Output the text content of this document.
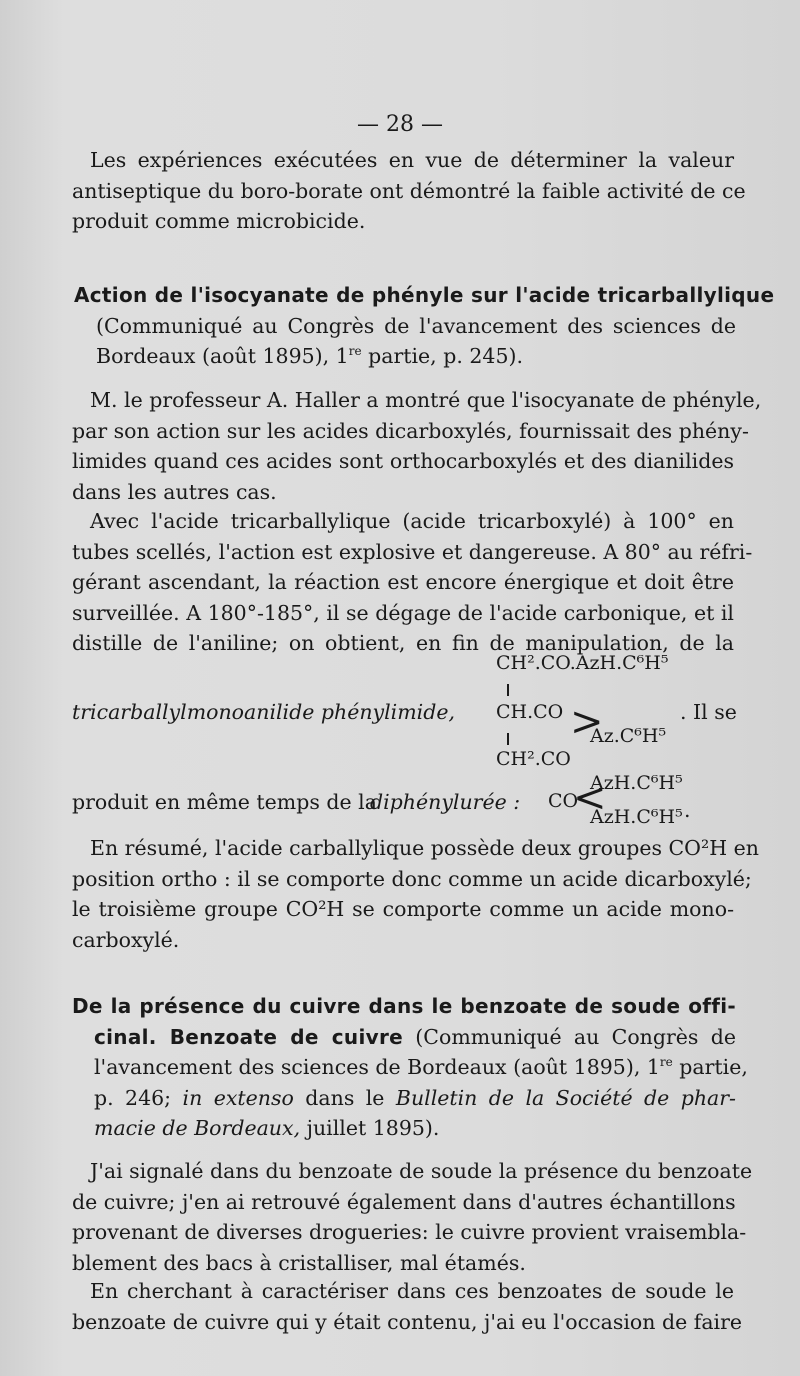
— 28 —
Les expériences exécutées en vue de déterminer la valeur
antiseptique du boro-borate ont démontré la faible activité de ce
produit comme microbicide.
Action de l'isocyanate de phényle sur l'acide tricarballylique
(Communiqué au Congrès de l'avancement des sciences de
Bordeaux (août 1895), 1re partie, p. 245).
M. le professeur A. Haller a montré que l'isocyanate de phényle,
par son action sur les acides dicarboxylés, fournissait des phény-
limides quand ces acides sont orthocarboxylés et des dianilides
dans les autres cas.
Avec l'acide tricarballylique (acide tricarboxylé) à 100° en
tubes scellés, l'action est explosive et dangereuse. A 80° au réfri-
gérant ascendant, la réaction est encore énergique et doit être
surveillée. A 180°-185°, il se dégage de l'acide carbonique, et il
distille de l'aniline; on obtient, en fin de manipulation, de la
CH².CO.AzH.C⁶H⁵
tricarballylmonoanilide phénylimide, CH.CO >
Az.C⁶H⁵
. Il se
CH².CO
produit en même temps de la
diphénylurée : CO
<
AzH.C⁶H⁵
AzH.C⁶H⁵ .
En résumé, l'acide carballylique possède deux groupes CO²H en
position ortho : il se comporte donc comme un acide dicarboxylé;
le troisième groupe CO²H se comporte comme un acide mono-
carboxylé.
De la présence du cuivre dans le benzoate de soude offi-
cinal. Benzoate de cuivre (Communiqué au Congrès de
l'avancement des sciences de Bordeaux (août 1895), 1re partie,
p. 246; in extenso dans le Bulletin de la Société de phar-
macie de Bordeaux, juillet 1895).
J'ai signalé dans du benzoate de soude la présence du benzoate
de cuivre; j'en ai retrouvé également dans d'autres échantillons
provenant de diverses drogueries: le cuivre provient vraisembla-
blement des bacs à cristalliser, mal étamés.
En cherchant à caractériser dans ces benzoates de soude le
benzoate de cuivre qui y était contenu, j'ai eu l'occasion de faire
